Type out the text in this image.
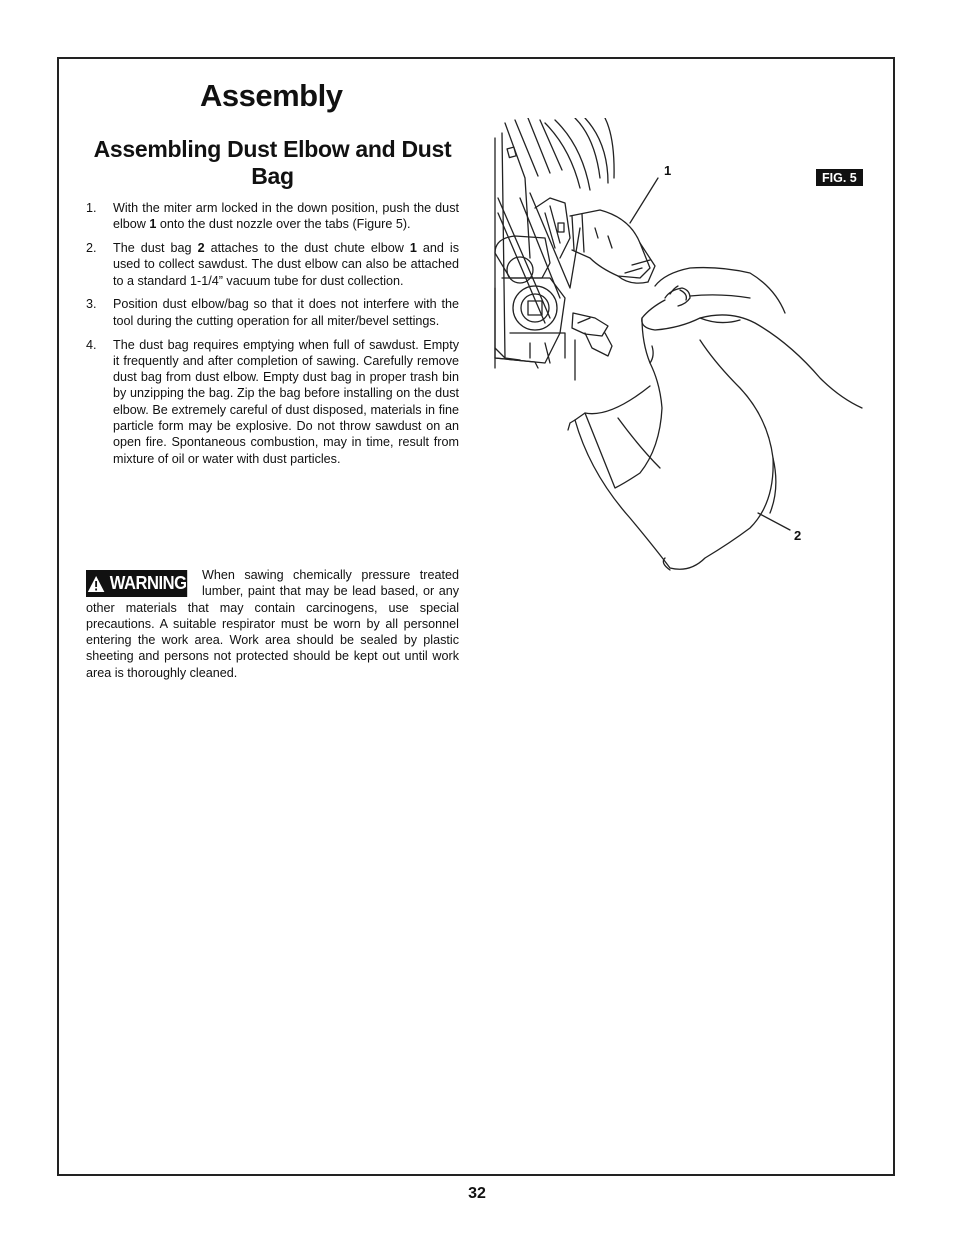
Assembly
Assembling Dust Elbow and Dust Bag
1.	With the miter arm locked in the down position, push the dust elbow 1 onto the dust nozzle over the tabs (Figure 5).
2.	The dust bag 2 attaches to the dust chute elbow 1 and is used to collect sawdust. The dust elbow can also be attached to a standard 1-1/4” vacuum tube for dust collection.
3.	Position dust elbow/bag so that it does not interfere with the tool during the cutting operation for all miter/bevel settings.
4.	The dust bag requires emptying when full of sawdust. Empty it frequently and after completion of sawing. Carefully remove dust bag from dust elbow. Empty dust bag in proper trash bin by unzipping the bag. Zip the bag before installing on the dust elbow. Be extremely careful of dust disposed, materials in fine particle form may be explosive. Do not throw sawdust on an open fire. Spontaneous combustion, may in time, result from mixture of oil or water with dust particles.
WARNING When sawing chemically pressure treated lumber, paint that may be lead based, or any other materials that may contain carcinogens, use special precautions. A suitable respirator must be worn by all personnel entering the work area. Work area should be sealed by plastic sheeting and persons not protected should be kept out until work area is thoroughly cleaned.
FIG. 5
1
2
32
